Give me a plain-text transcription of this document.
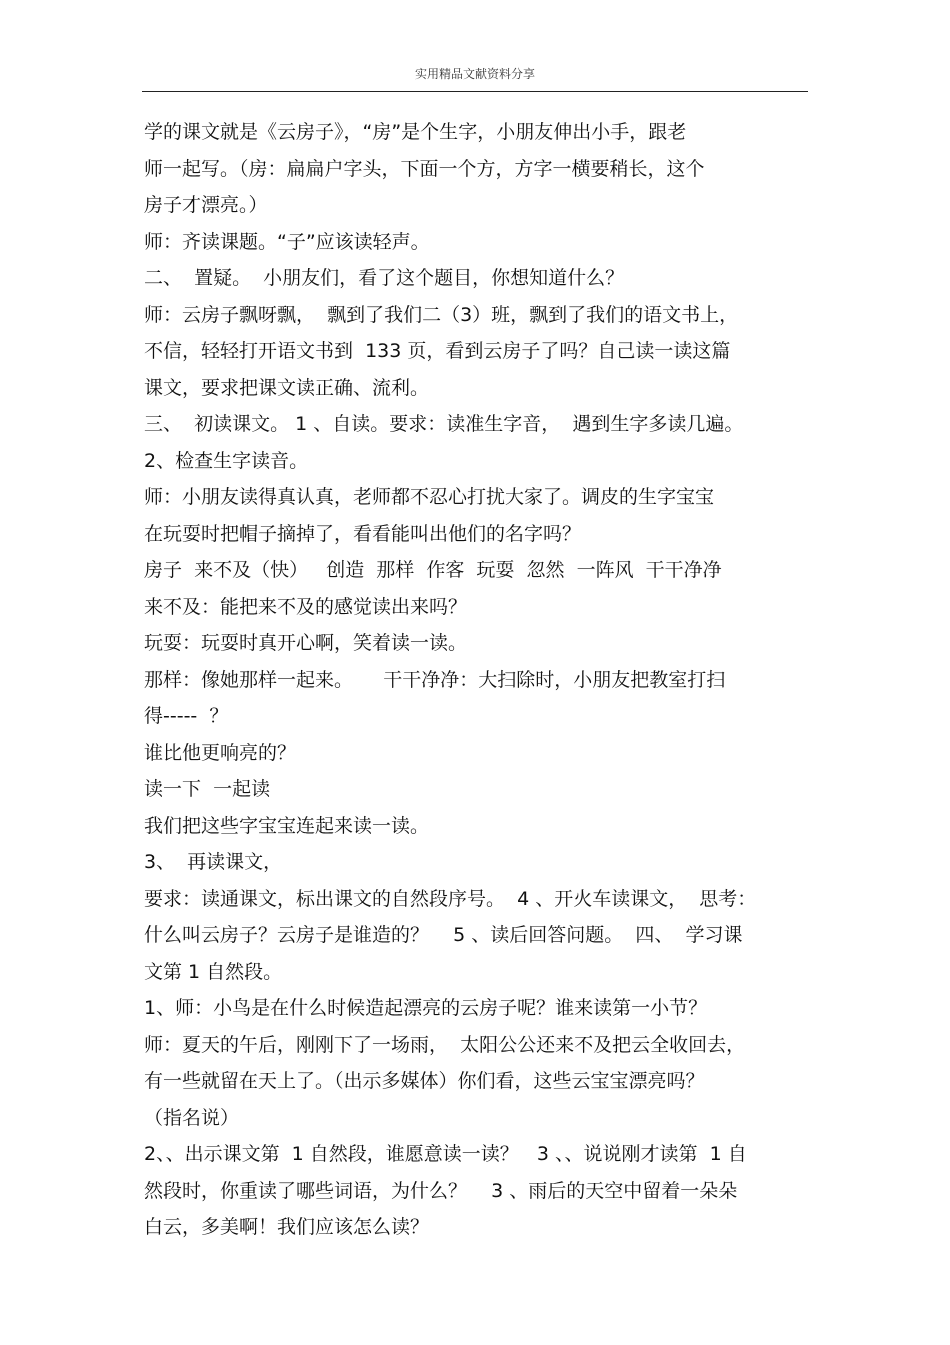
实用精品文献资料分享
学的课文就是《云房子》，“房”是个生字，小朋友伸出小手，跟老
师一起写。（房：扁扁户字头，下面一个方，方字一横要稍长，这个
房子才漂亮。）
师：齐读课题。“子”应该读轻声。
二、  置疑。  小朋友们，看了这个题目，你想知道什么？
师：云房子飘呀飘，  飘到了我们二（3）班，飘到了我们的语文书上，
不信，轻轻打开语文书到  133 页，看到云房子了吗？自己读一读这篇
课文，要求把课文读正确、流利。
三、  初读课文。 1 、自读。要求：读准生字音，  遇到生字多读几遍。
2、检查生字读音。
师：小朋友读得真认真，老师都不忍心打扰大家了。调皮的生字宝宝
在玩耍时把帽子摘掉了，看看能叫出他们的名字吗？
房子  来不及（快）   创造  那样  作客  玩耍  忽然  一阵风  干干净净
来不及：能把来不及的感觉读出来吗？
玩耍：玩耍时真开心啊，笑着读一读。
那样：像她那样一起来。     干干净净：大扫除时，小朋友把教室打扫
得-----  ？
谁比他更响亮的？
读一下  一起读
我们把这些字宝宝连起来读一读。
3、  再读课文，
要求：读通课文，标出课文的自然段序号。  4 、开火车读课文，  思考：
什么叫云房子？云房子是谁造的？    5 、读后回答问题。  四、  学习课
文第 1 自然段。
1、师：小鸟是在什么时候造起漂亮的云房子呢？谁来读第一小节？
师：夏天的午后，刚刚下了一场雨，  太阳公公还来不及把云全收回去，
有一些就留在天上了。（出示多媒体）你们看，这些云宝宝漂亮吗？
（指名说）
2、、出示课文第  1 自然段，谁愿意读一读？   3 、、说说刚才读第  1 自
然段时，你重读了哪些词语，为什么？    3 、雨后的天空中留着一朵朵
白云，多美啊！我们应该怎么读？
